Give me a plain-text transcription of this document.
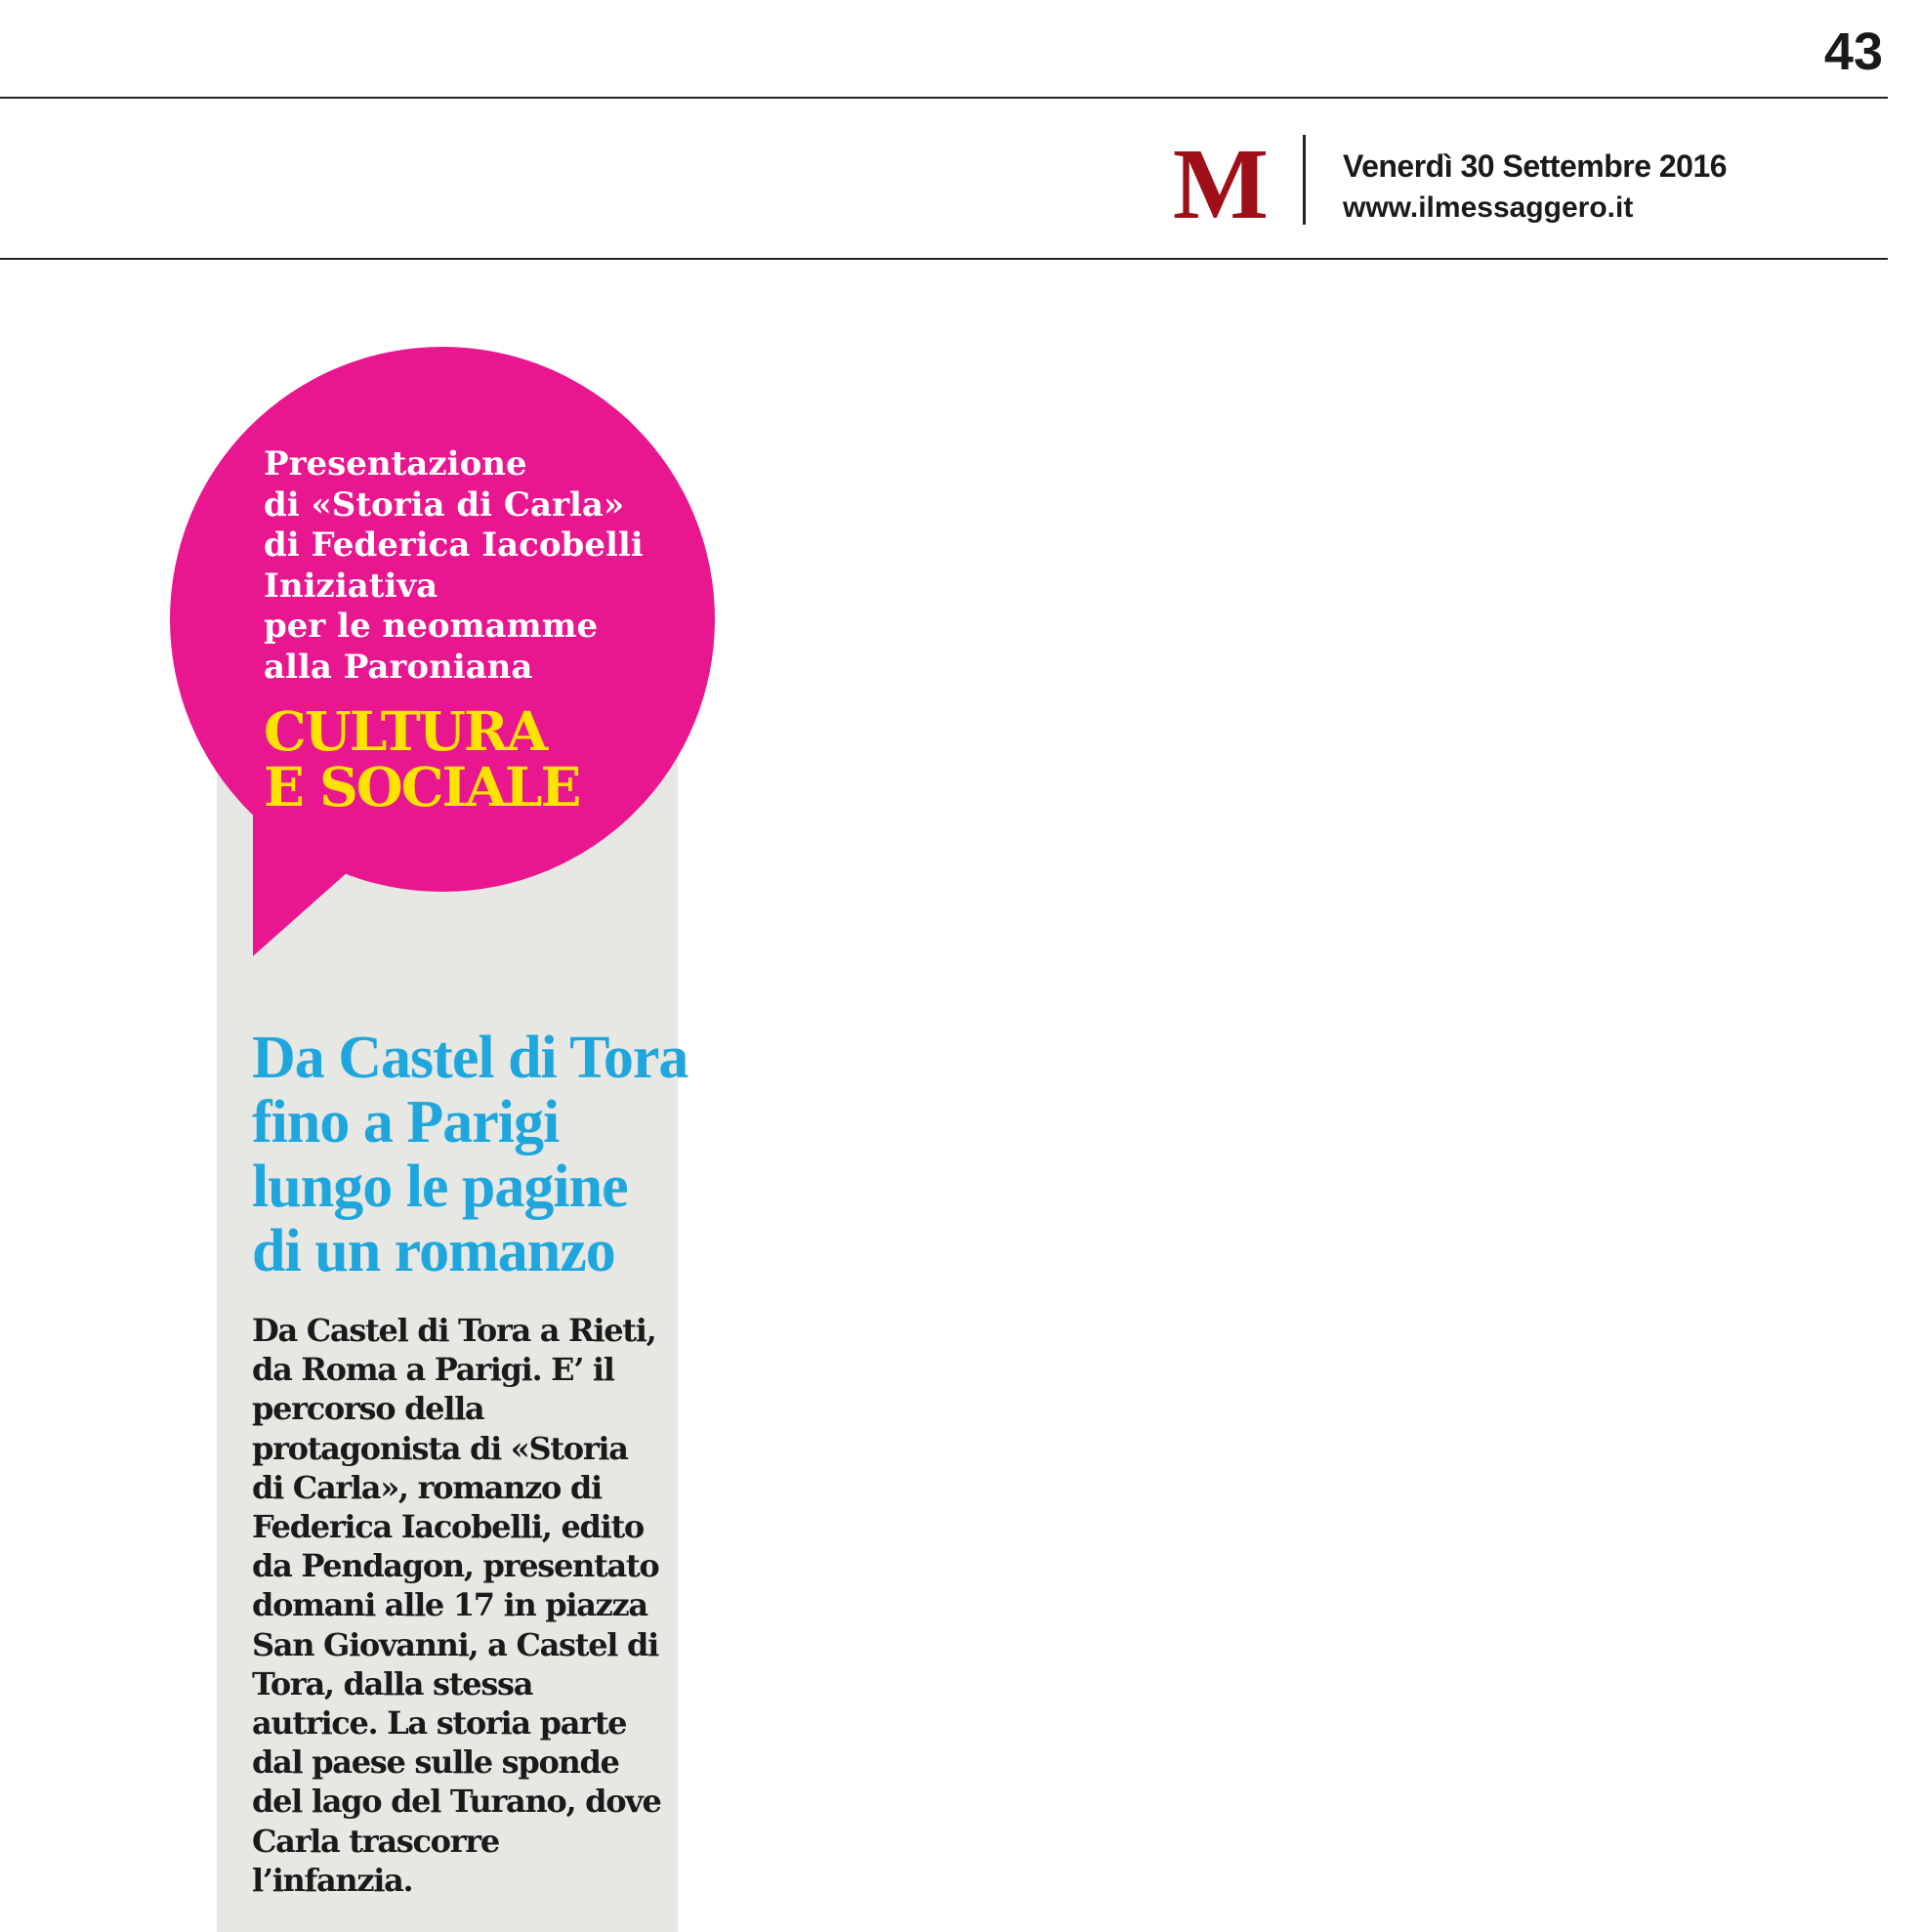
43
M Venerdì 30 Settembre 2016
www.ilmessaggero.it
Presentazione
di «Storia di Carla»
di Federica Iacobelli
Iniziativa
per le neomamme
alla Paroniana
CULTURA
E SOCIALE
Da Castel di Tora
fino a Parigi
lungo le pagine
di un romanzo
Da Castel di Tora a Rieti,
da Roma a Parigi. E’ il
percorso della
protagonista di «Storia
di Carla», romanzo di
Federica Iacobelli, edito
da Pendagon, presentato
domani alle 17 in piazza
San Giovanni, a Castel di
Tora, dalla stessa
autrice. La storia parte
dal paese sulle sponde
del lago del Turano, dove
Carla trascorre
l’infanzia.
